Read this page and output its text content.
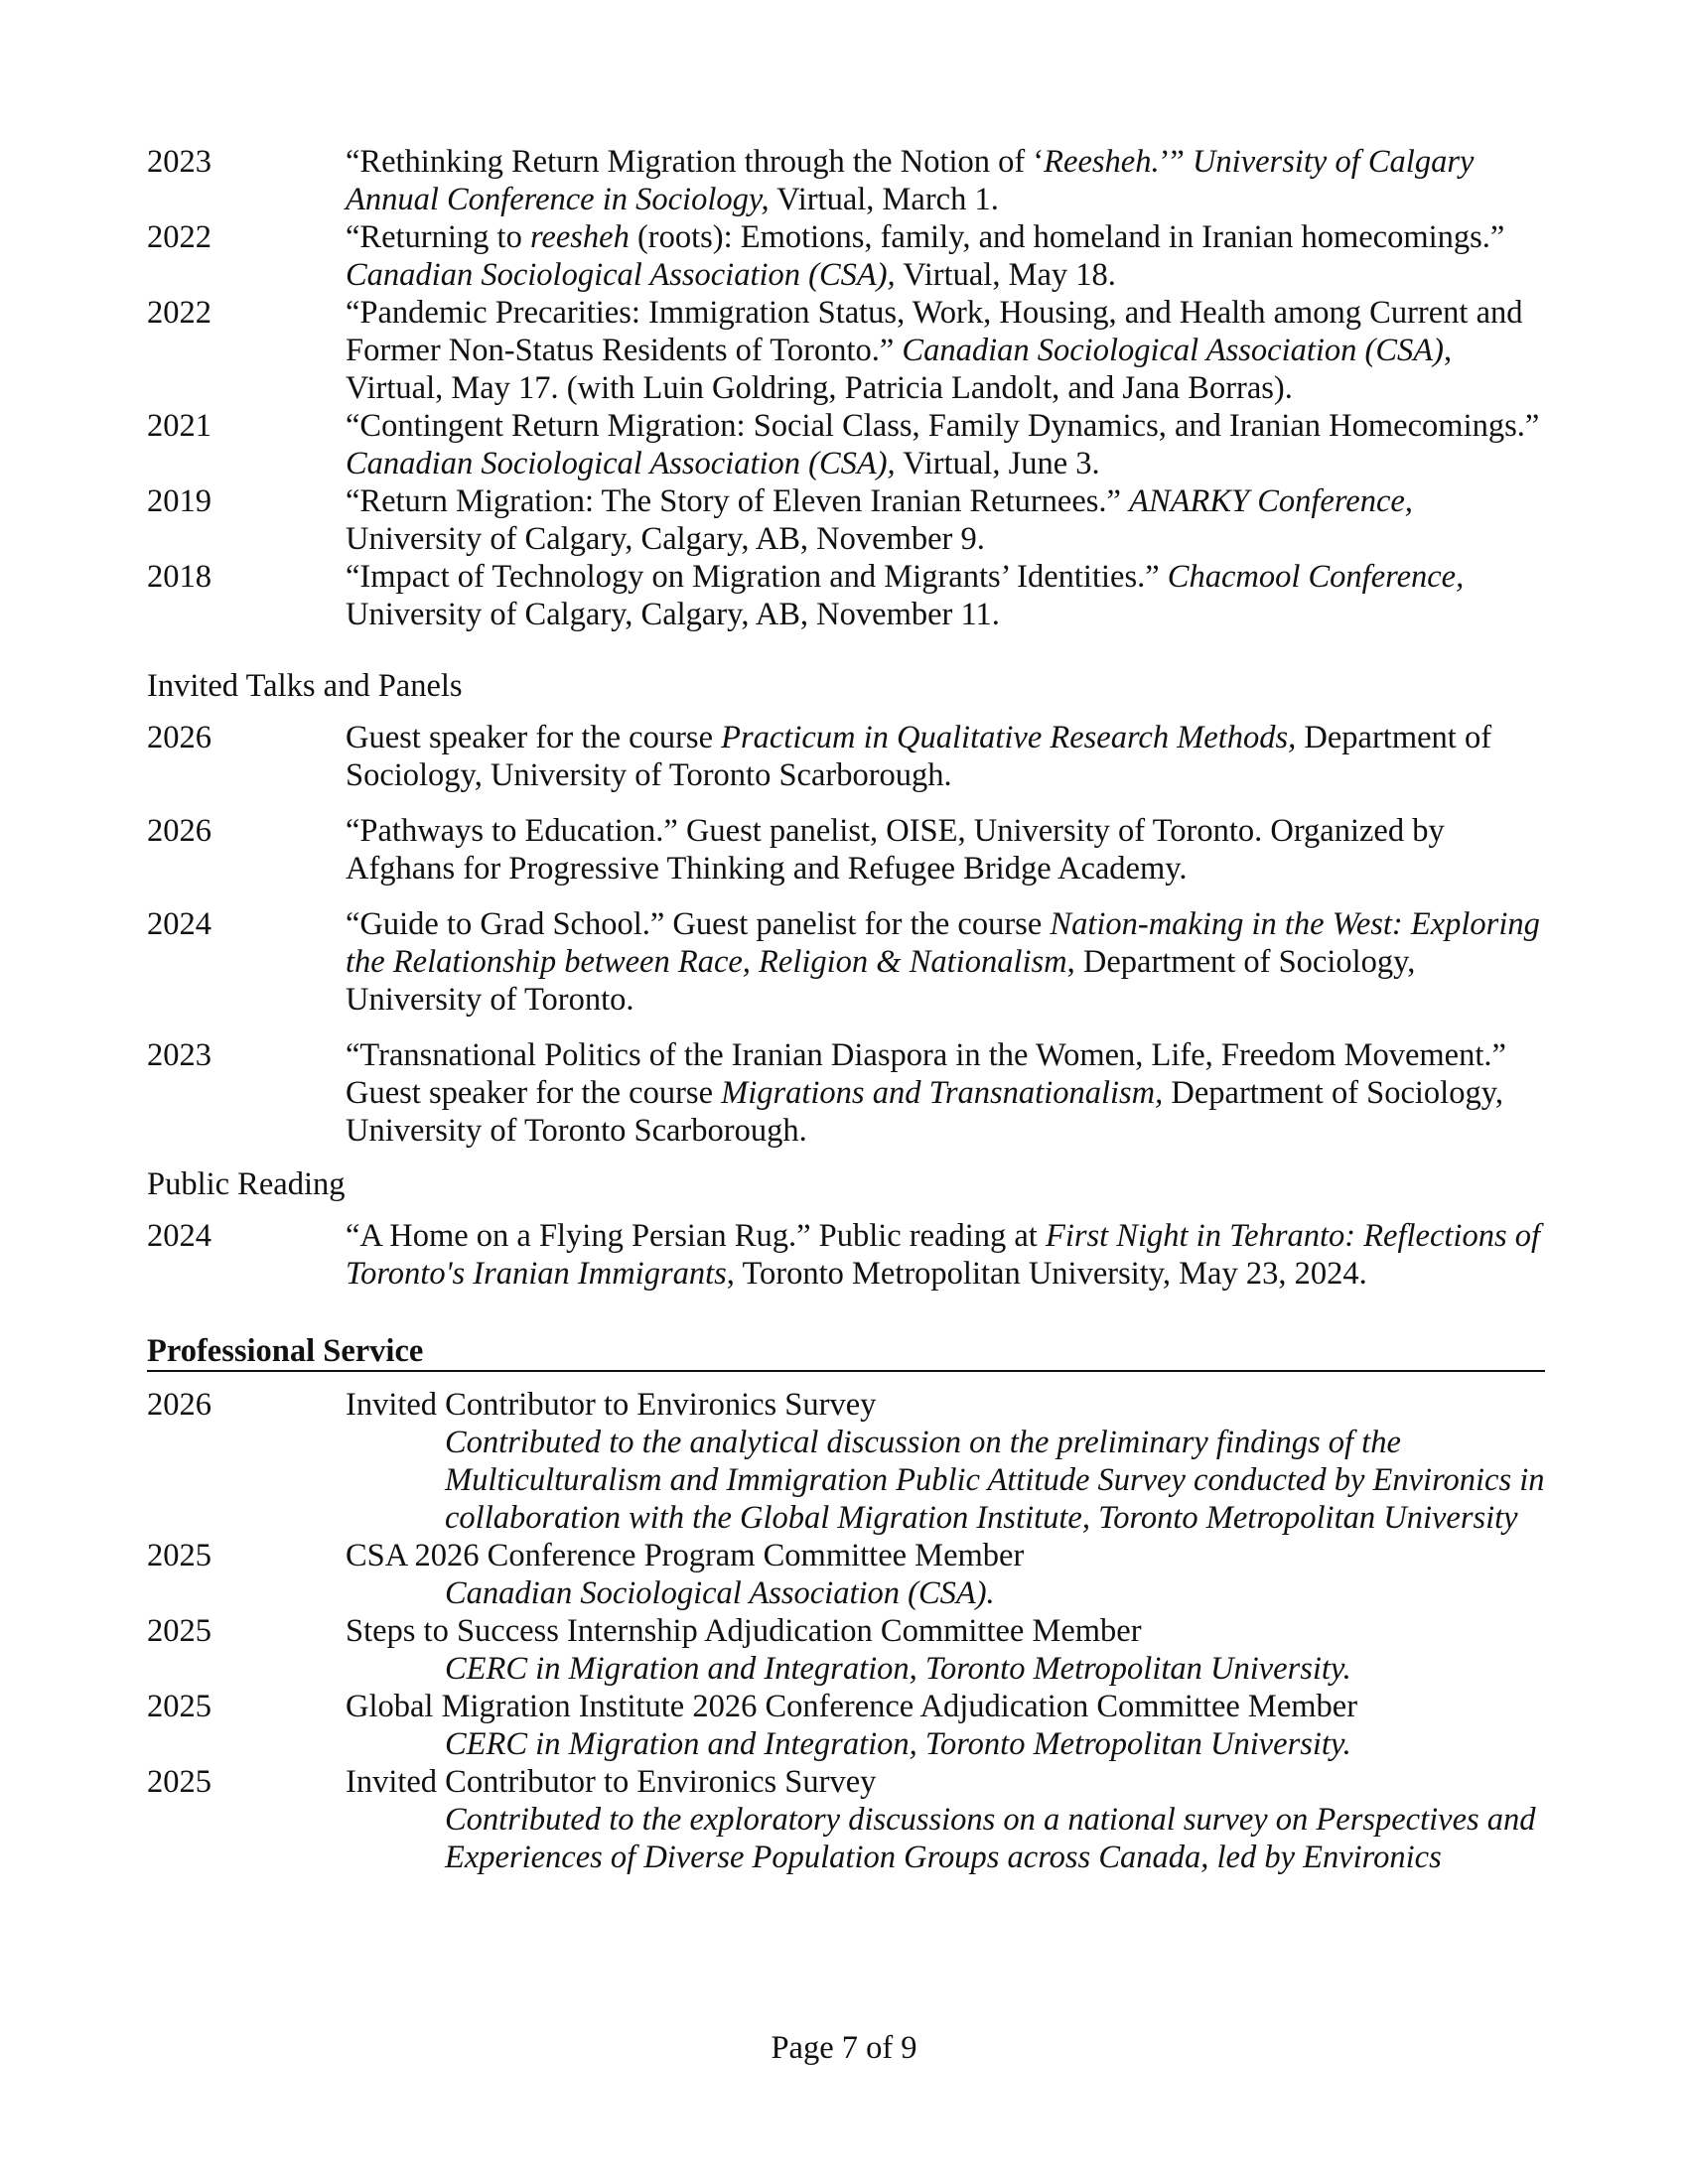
2023	“Rethinking Return Migration through the Notion of ‘Reesheh.’” University of Calgary Annual Conference in Sociology, Virtual, March 1.
2022	“Returning to reesheh (roots): Emotions, family, and homeland in Iranian homecomings.” Canadian Sociological Association (CSA), Virtual, May 18.
2022	“Pandemic Precarities: Immigration Status, Work, Housing, and Health among Current and Former Non-Status Residents of Toronto.” Canadian Sociological Association (CSA), Virtual, May 17. (with Luin Goldring, Patricia Landolt, and Jana Borras).
2021	“Contingent Return Migration: Social Class, Family Dynamics, and Iranian Homecomings.” Canadian Sociological Association (CSA), Virtual, June 3.
2019	“Return Migration: The Story of Eleven Iranian Returnees.” ANARKY Conference, University of Calgary, Calgary, AB, November 9.
2018	“Impact of Technology on Migration and Migrants’ Identities.” Chacmool Conference, University of Calgary, Calgary, AB, November 11.
Invited Talks and Panels
2026	Guest speaker for the course Practicum in Qualitative Research Methods, Department of Sociology, University of Toronto Scarborough.
2026	“Pathways to Education.” Guest panelist, OISE, University of Toronto. Organized by Afghans for Progressive Thinking and Refugee Bridge Academy.
2024	“Guide to Grad School.” Guest panelist for the course Nation-making in the West: Exploring the Relationship between Race, Religion & Nationalism, Department of Sociology, University of Toronto.
2023	“Transnational Politics of the Iranian Diaspora in the Women, Life, Freedom Movement.” Guest speaker for the course Migrations and Transnationalism, Department of Sociology, University of Toronto Scarborough.
Public Reading
2024	“A Home on a Flying Persian Rug.” Public reading at First Night in Tehranto: Reflections of Toronto's Iranian Immigrants, Toronto Metropolitan University, May 23, 2024.
Professional Service
2026	Invited Contributor to Environics Survey
Contributed to the analytical discussion on the preliminary findings of the Multiculturalism and Immigration Public Attitude Survey conducted by Environics in collaboration with the Global Migration Institute, Toronto Metropolitan University
2025	CSA 2026 Conference Program Committee Member
Canadian Sociological Association (CSA).
2025	Steps to Success Internship Adjudication Committee Member
CERC in Migration and Integration, Toronto Metropolitan University.
2025	Global Migration Institute 2026 Conference Adjudication Committee Member
CERC in Migration and Integration, Toronto Metropolitan University.
2025	Invited Contributor to Environics Survey
Contributed to the exploratory discussions on a national survey on Perspectives and Experiences of Diverse Population Groups across Canada, led by Environics
Page 7 of 9
